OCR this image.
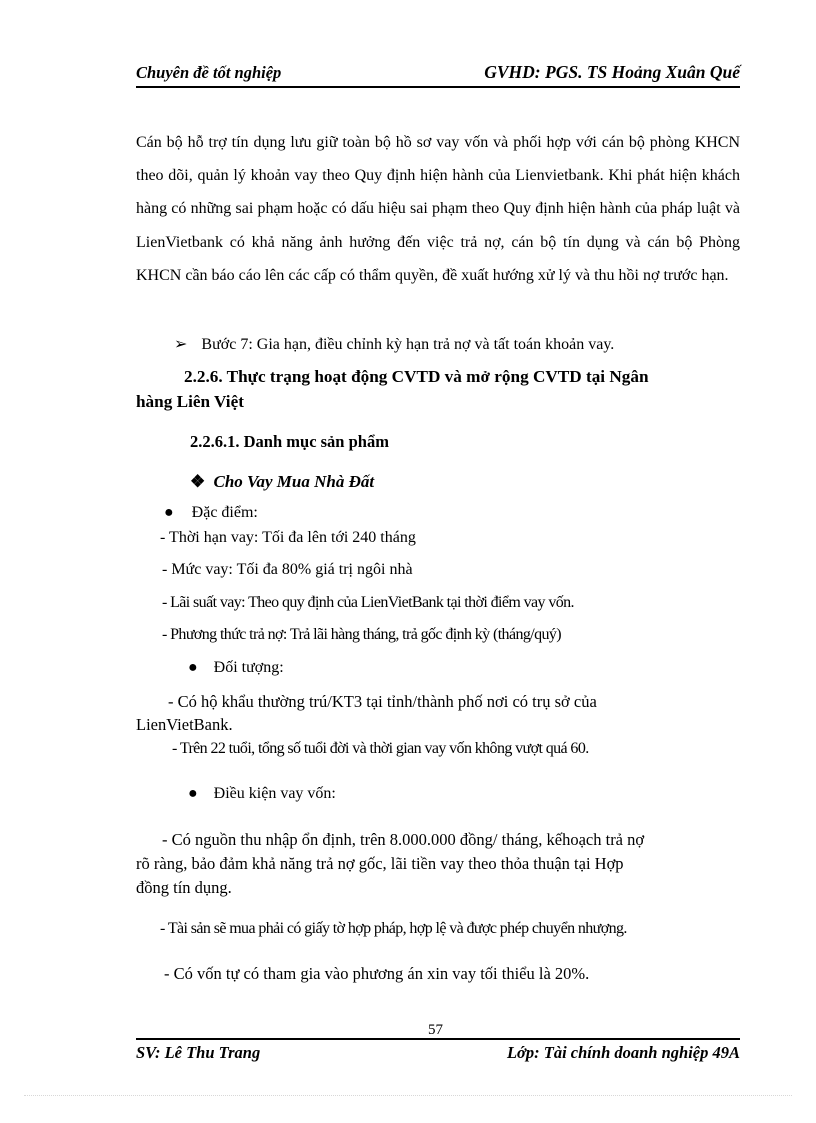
Chuyên đề tốt nghiệp	GVHD: PGS. TS Hoảng Xuân Quế

Cán bộ hỗ trợ tín dụng lưu giữ toàn bộ hồ sơ vay vốn và phối hợp với cán bộ phòng KHCN theo dõi, quản lý khoản vay theo Quy định hiện hành của Lienvietbank. Khi phát hiện khách hàng có những sai phạm hoặc có dấu hiệu sai phạm theo Quy định hiện hành của pháp luật và LienVietbank có khả năng ảnh hưởng đến việc trả nợ, cán bộ tín dụng và cán bộ Phòng KHCN cần báo cáo lên các cấp có thẩm quyền, đề xuất hướng xử lý và thu hồi nợ trước hạn.

➢ Bước 7: Gia hạn, điều chỉnh kỳ hạn trả nợ và tất toán khoản vay.
2.2.6. Thực trạng hoạt động CVTD và mở rộng CVTD tại Ngân
hàng Liên Việt
2.2.6.1. Danh mục sản phẩm
❖ Cho Vay Mua Nhà Đất
● Đặc điểm:
- Thời hạn vay: Tối đa lên tới 240 tháng
- Mức vay: Tối đa 80% giá trị ngôi nhà
- Lãi suất vay: Theo quy định của LienVietBank tại thời điểm vay vốn.
- Phương thức trả nợ: Trả lãi hàng tháng, trả gốc định kỳ (tháng/quý)
● Đối tượng:
- Có hộ khẩu thường trú/KT3 tại tỉnh/thành phố nơi có trụ sở của
LienVietBank.
- Trên 22 tuổi, tổng số tuổi đời và thời gian vay vốn không vượt quá 60.
● Điều kiện vay vốn:
- Có nguồn thu nhập ổn định, trên 8.000.000 đồng/ tháng, kếhoạch trả nợ
rõ ràng, bảo đảm khả năng trả nợ gốc, lãi tiền vay theo thỏa thuận tại Hợp
đồng tín dụng.
- Tài sản sẽ mua phải có giấy tờ hợp pháp, hợp lệ và được phép chuyển nhượng.
- Có vốn tự có tham gia vào phương án xin vay tối thiểu là 20%.
57
SV: Lê Thu Trang	Lớp: Tài chính doanh nghiệp 49A
